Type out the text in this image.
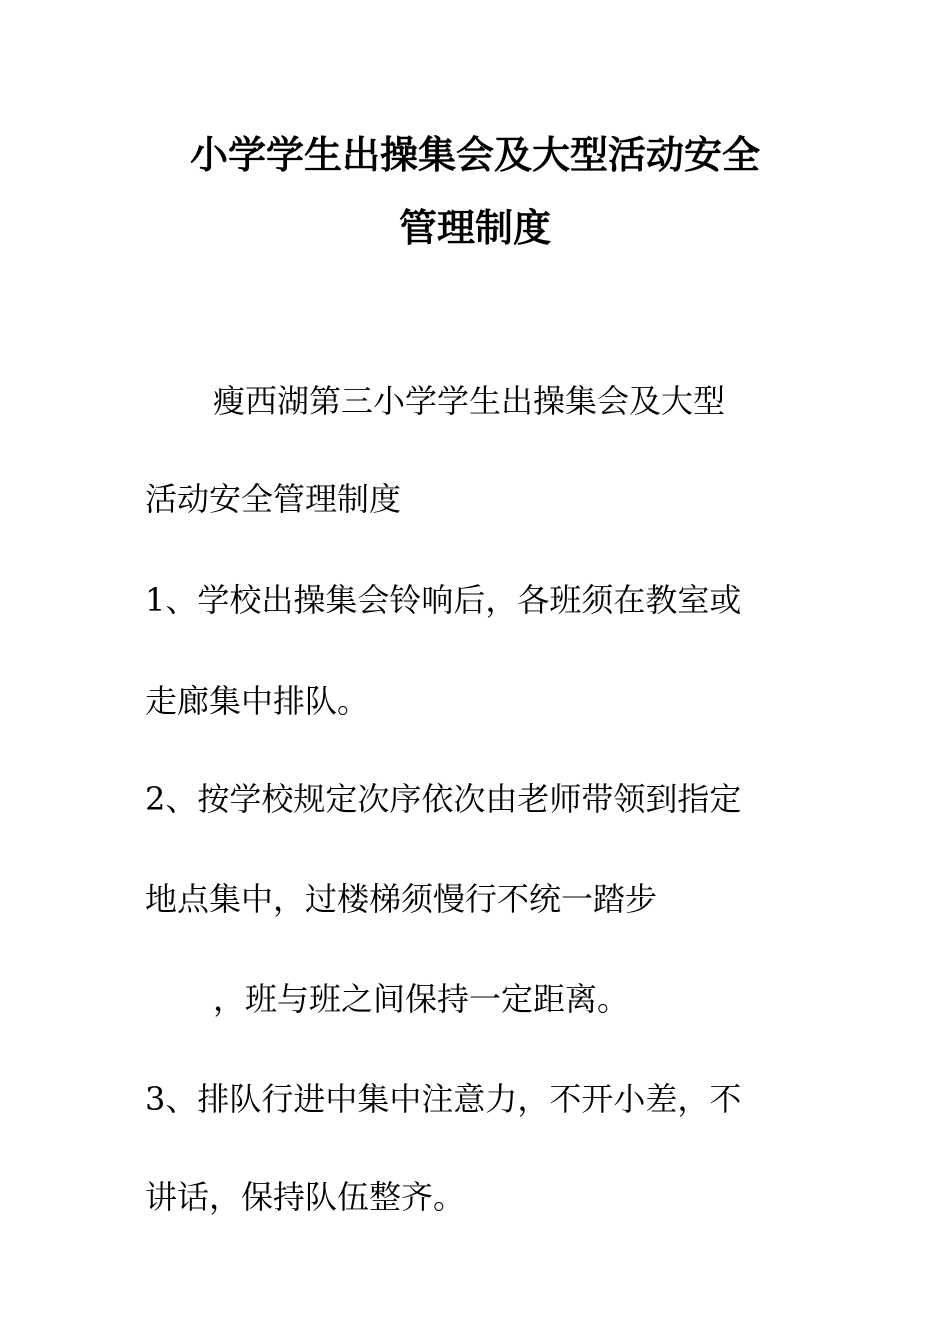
小学学生出操集会及大型活动安全
管理制度
瘦西湖第三小学学生出操集会及大型
活动安全管理制度
1、学校出操集会铃响后，各班须在教室或
走廊集中排队。
2、按学校规定次序依次由老师带领到指定
地点集中，过楼梯须慢行不统一踏步
，班与班之间保持一定距离。
3、排队行进中集中注意力，不开小差，不
讲话，保持队伍整齐。
